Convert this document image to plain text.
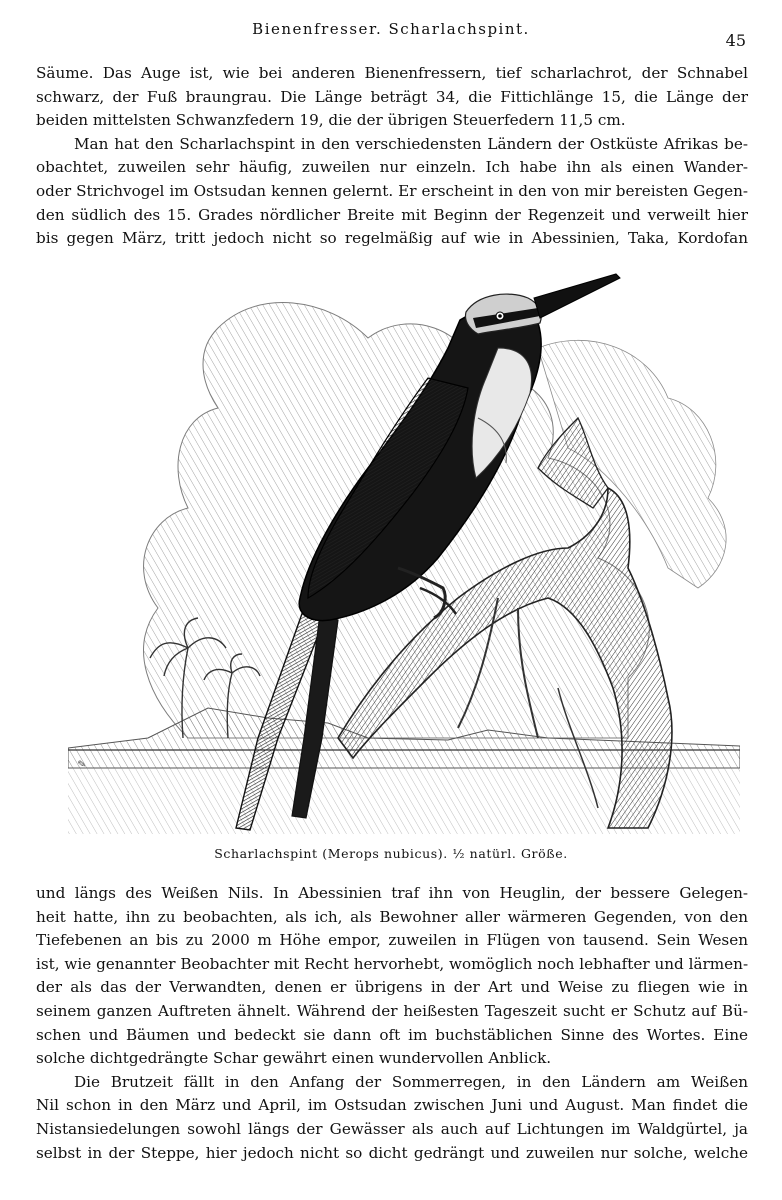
Bienenfresser. Scharlachspint.
45
Säume. Das Auge ist, wie bei anderen Bienenfressern, tief scharlachrot, der Schnabel
schwarz, der Fuß braungrau. Die Länge beträgt 34, die Fittichlänge 15, die Länge der
beiden mittelsten Schwanzfedern 19, die der übrigen Steuerfedern 11,5 cm.
Man hat den Scharlachspint in den verschiedensten Ländern der Ostküste Afrikas be-
obachtet, zuweilen sehr häufig, zuweilen nur einzeln. Ich habe ihn als einen Wander-
oder Strichvogel im Ostsudan kennen gelernt. Er erscheint in den von mir bereisten Gegen-
den südlich des 15. Grades nördlicher Breite mit Beginn der Regenzeit und verweilt hier
bis gegen März, tritt jedoch nicht so regelmäßig auf wie in Abessinien, Taka, Kordofan
✎
Scharlachspint (Merops nubicus). ½ natürl. Größe.
und längs des Weißen Nils. In Abessinien traf ihn von Heuglin, der bessere Gelegen-
heit hatte, ihn zu beobachten, als ich, als Bewohner aller wärmeren Gegenden, von den
Tiefebenen an bis zu 2000 m Höhe empor, zuweilen in Flügen von tausend. Sein Wesen
ist, wie genannter Beobachter mit Recht hervorhebt, womöglich noch lebhafter und lärmen-
der als das der Verwandten, denen er übrigens in der Art und Weise zu fliegen wie in
seinem ganzen Auftreten ähnelt. Während der heißesten Tageszeit sucht er Schutz auf Bü-
schen und Bäumen und bedeckt sie dann oft im buchstäblichen Sinne des Wortes. Eine
solche dichtgedrängte Schar gewährt einen wundervollen Anblick.
Die Brutzeit fällt in den Anfang der Sommerregen, in den Ländern am Weißen
Nil schon in den März und April, im Ostsudan zwischen Juni und August. Man findet die
Nistansiedelungen sowohl längs der Gewässer als auch auf Lichtungen im Waldgürtel, ja
selbst in der Steppe, hier jedoch nicht so dicht gedrängt und zuweilen nur solche, welche
